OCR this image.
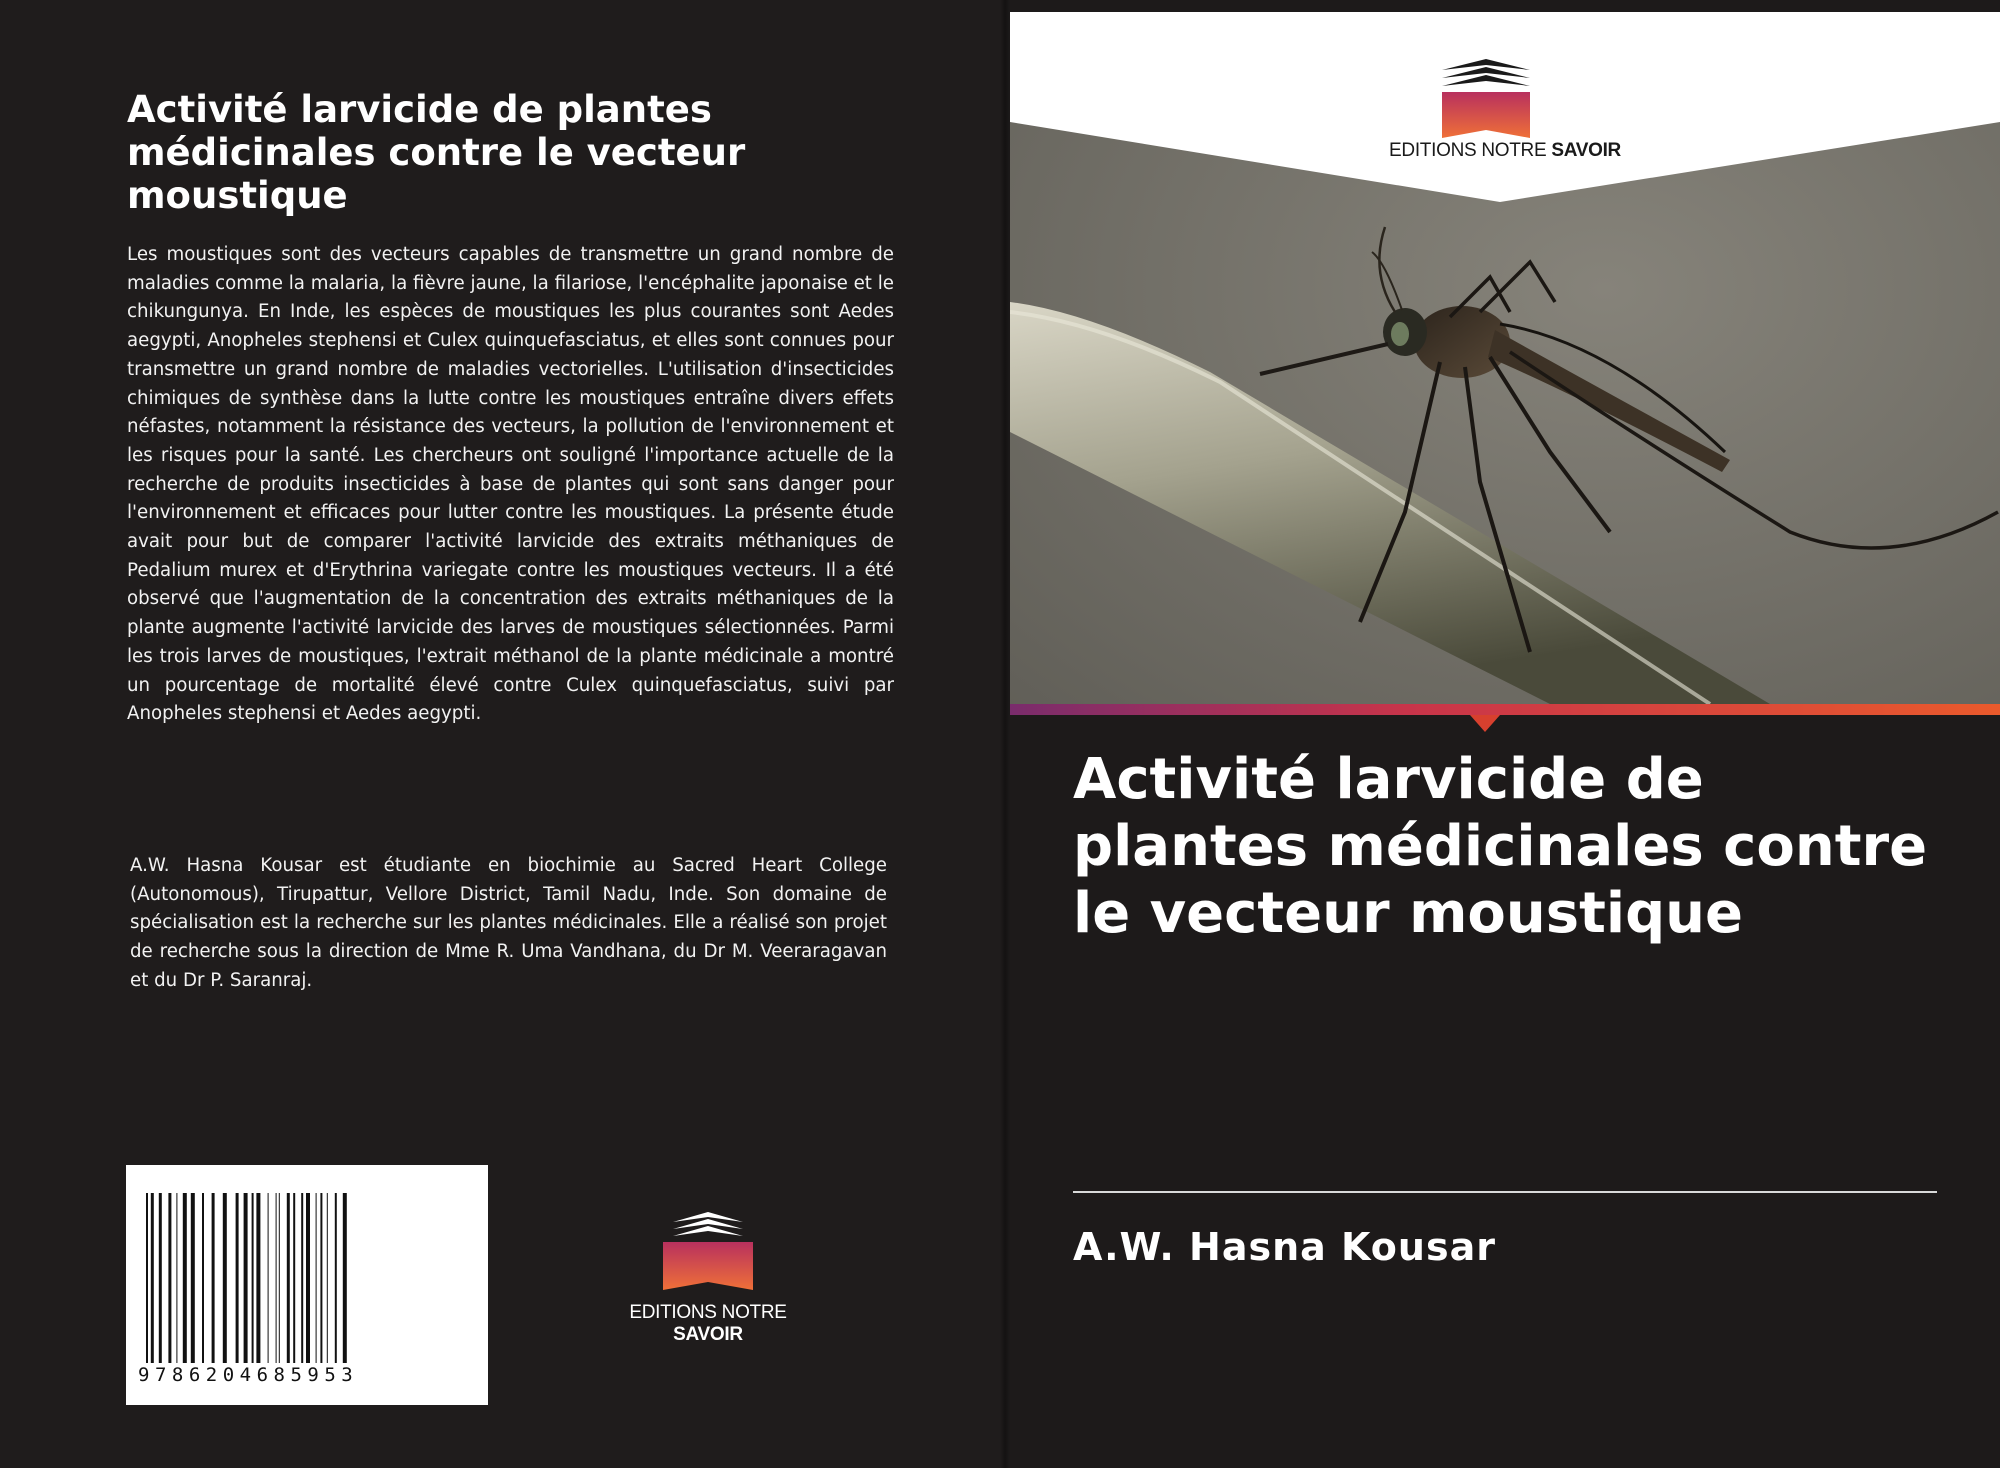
Activité larvicide de plantes médicinales contre le vecteur moustique

Les moustiques sont des vecteurs capables de transmettre un grand nombre de maladies comme la malaria, la fièvre jaune, la filariose, l'encéphalite japonaise et le chikungunya. En Inde, les espèces de moustiques les plus courantes sont Aedes aegypti, Anopheles stephensi et Culex quinquefasciatus, et elles sont connues pour transmettre un grand nombre de maladies vectorielles. L'utilisation d'insecticides chimiques de synthèse dans la lutte contre les moustiques entraîne divers effets néfastes, notamment la résistance des vecteurs, la pollution de l'environnement et les risques pour la santé. Les chercheurs ont souligné l'importance actuelle de la recherche de produits insecticides à base de plantes qui sont sans danger pour l'environnement et efficaces pour lutter contre les moustiques. La présente étude avait pour but de comparer l'activité larvicide des extraits méthaniques de Pedalium murex et d'Erythrina variegate contre les moustiques vecteurs. Il a été observé que l'augmentation de la concentration des extraits méthaniques de la plante augmente l'activité larvicide des larves de moustiques sélectionnées. Parmi les trois larves de moustiques, l'extrait méthanol de la plante médicinale a montré un pourcentage de mortalité élevé contre Culex quinquefasciatus, suivi par Anopheles stephensi et Aedes aegypti.

A.W. Hasna Kousar est étudiante en biochimie au Sacred Heart College (Autonomous), Tirupattur, Vellore District, Tamil Nadu, Inde. Son domaine de spécialisation est la recherche sur les plantes médicinales. Elle a réalisé son projet de recherche sous la direction de Mme R. Uma Vandhana, du Dr M. Veeraragavan et du Dr P. Saranraj.

9786204685953
EDITIONS NOTRE SAVOIR
EDITIONS NOTRE SAVOIR
Activité larvicide de plantes médicinales contre le vecteur moustique
A.W. Hasna Kousar
